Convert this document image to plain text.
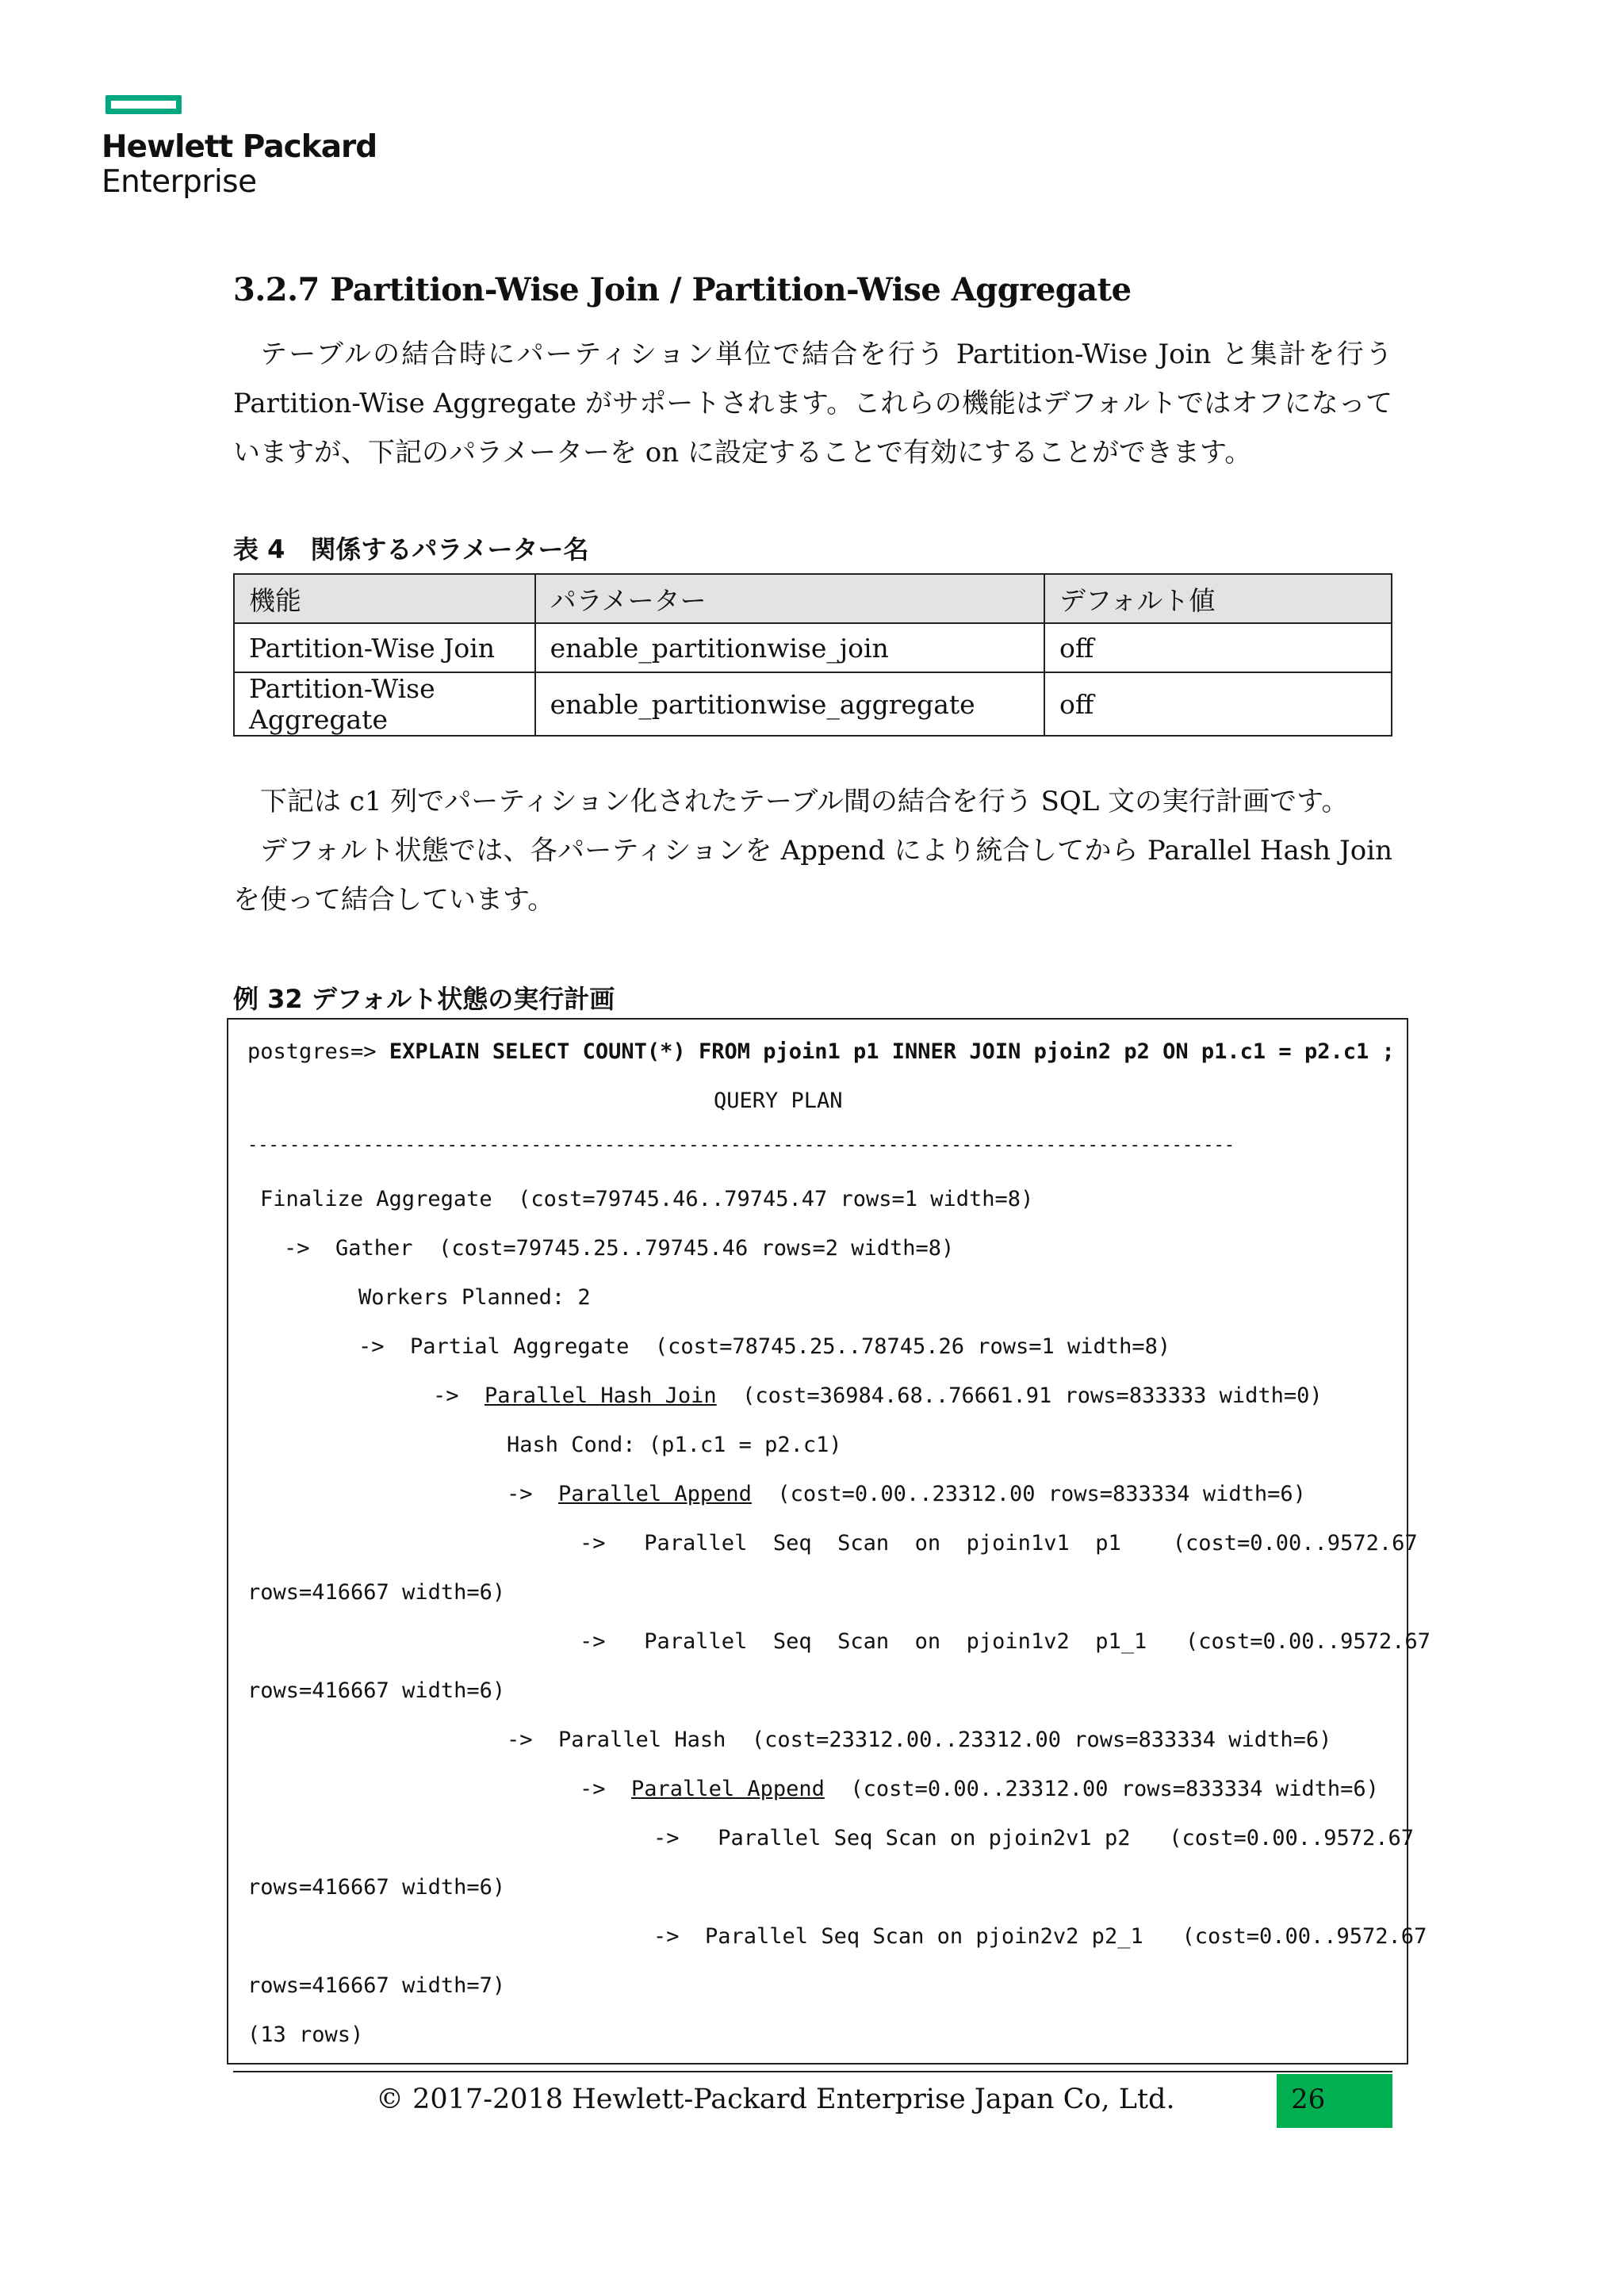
Hewlett Packard
Enterprise
3.2.7 Partition-Wise Join / Partition-Wise Aggregate

テーブルの結合時にパーティション単位で結合を行う Partition-Wise Join と集計を行う Partition-Wise Aggregate がサポートされます。これらの機能はデフォルトではオフになっていますが、下記のパラメーターを on に設定することで有効にすることができます。

表 4　関係するパラメーター名
機能	パラメーター	デフォルト値
Partition-Wise Join	enable_partitionwise_join	off
Partition-Wise Aggregate	enable_partitionwise_aggregate	off

下記は c1 列でパーティション化されたテーブル間の結合を行う SQL 文の実行計画です。

デフォルト状態では、各パーティションを Append により統合してから Parallel Hash Join を使って結合しています。

例 32 デフォルト状態の実行計画
postgres=> EXPLAIN SELECT COUNT(*) FROM pjoin1 p1 INNER JOIN pjoin2 p2 ON p1.c1 = p2.c1 ;
QUERY PLAN
----------------------------------------------------------------------------------------------
Finalize Aggregate  (cost=79745.46..79745.47 rows=1 width=8)
->  Gather  (cost=79745.25..79745.46 rows=2 width=8)
Workers Planned: 2
->  Partial Aggregate  (cost=78745.25..78745.26 rows=1 width=8)
->  Parallel Hash Join  (cost=36984.68..76661.91 rows=833333 width=0)
Hash Cond: (p1.c1 = p2.c1)
->  Parallel Append  (cost=0.00..23312.00 rows=833334 width=6)
->   Parallel  Seq  Scan  on  pjoin1v1  p1    (cost=0.00..9572.67
rows=416667 width=6)
->   Parallel  Seq  Scan  on  pjoin1v2  p1_1   (cost=0.00..9572.67
rows=416667 width=6)
->  Parallel Hash  (cost=23312.00..23312.00 rows=833334 width=6)
->  Parallel Append  (cost=0.00..23312.00 rows=833334 width=6)
->   Parallel Seq Scan on pjoin2v1 p2   (cost=0.00..9572.67
rows=416667 width=6)
->  Parallel Seq Scan on pjoin2v2 p2_1   (cost=0.00..9572.67
rows=416667 width=7)
(13 rows)
© 2017-2018 Hewlett-Packard Enterprise Japan Co, Ltd.	26
